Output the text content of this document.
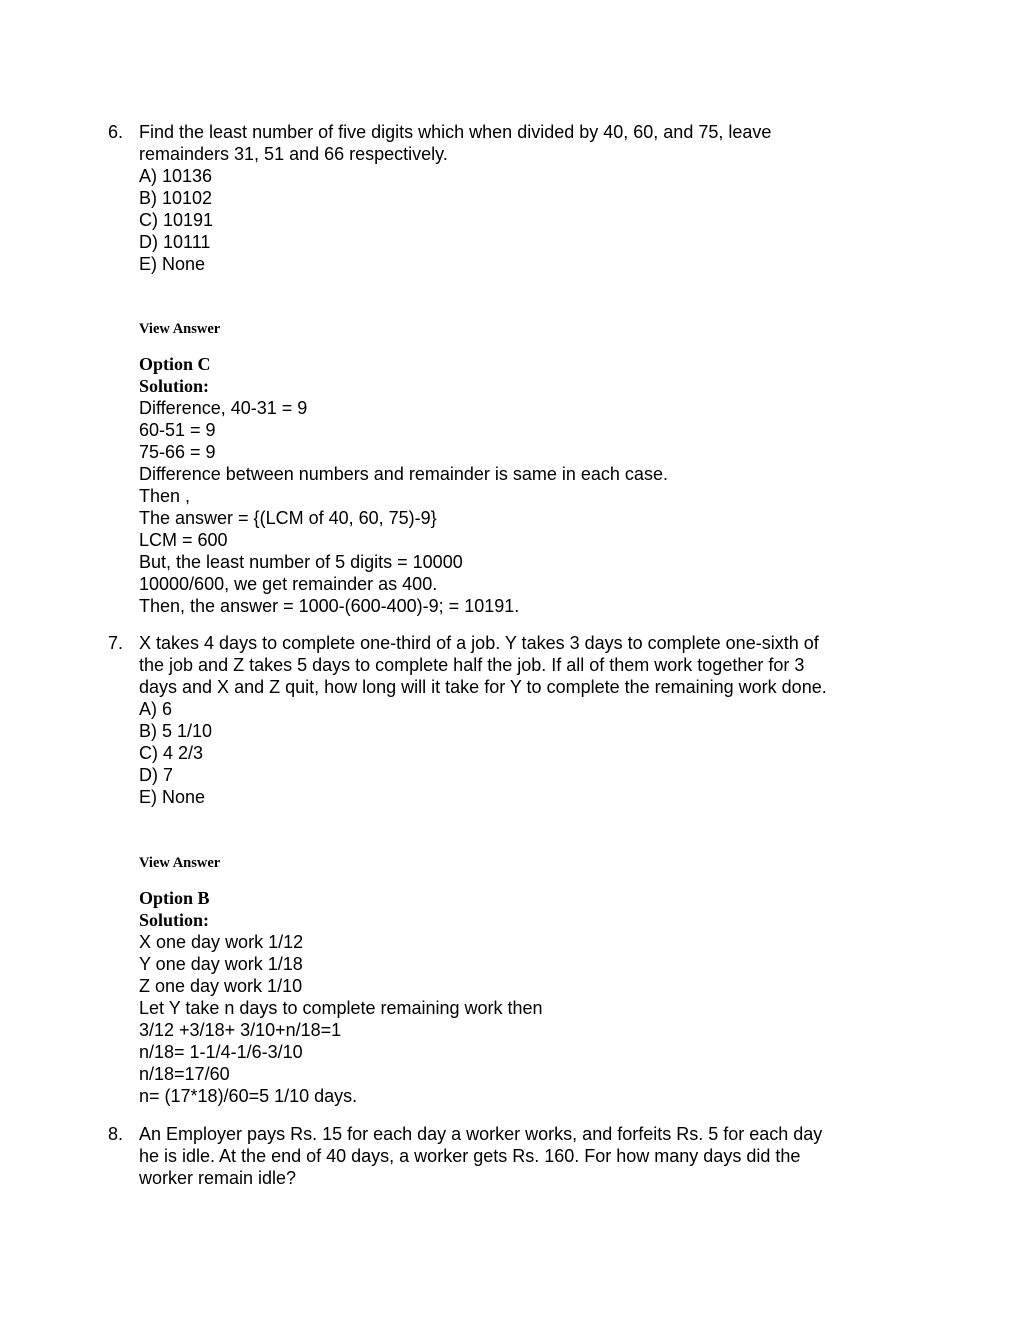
6. Find the least number of five digits which when divided by 40, 60, and 75, leave
remainders 31, 51 and 66 respectively.
A) 10136
B) 10102
C) 10191
D) 10111
E) None
View Answer
Option C
Solution:
Difference, 40-31 = 9
60-51 = 9
75-66 = 9
Difference between numbers and remainder is same in each case.
Then ,
The answer = {(LCM of 40, 60, 75)-9}
LCM = 600
But, the least number of 5 digits = 10000
10000/600, we get remainder as 400.
Then, the answer = 1000-(600-400)-9; = 10191.
7. X takes 4 days to complete one-third of a job. Y takes 3 days to complete one-sixth of
the job and Z takes 5 days to complete half the job. If all of them work together for 3
days and X and Z quit, how long will it take for Y to complete the remaining work done.
A) 6
B) 5 1/10
C) 4 2/3
D) 7
E) None
View Answer
Option B
Solution:
X one day work 1/12
Y one day work 1/18
Z one day work 1/10
Let Y take n days to complete remaining work then
3/12 +3/18+ 3/10+n/18=1
n/18= 1-1/4-1/6-3/10
n/18=17/60
n= (17*18)/60=5 1/10 days.
8. An Employer pays Rs. 15 for each day a worker works, and forfeits Rs. 5 for each day
he is idle. At the end of 40 days, a worker gets Rs. 160. For how many days did the
worker remain idle?
